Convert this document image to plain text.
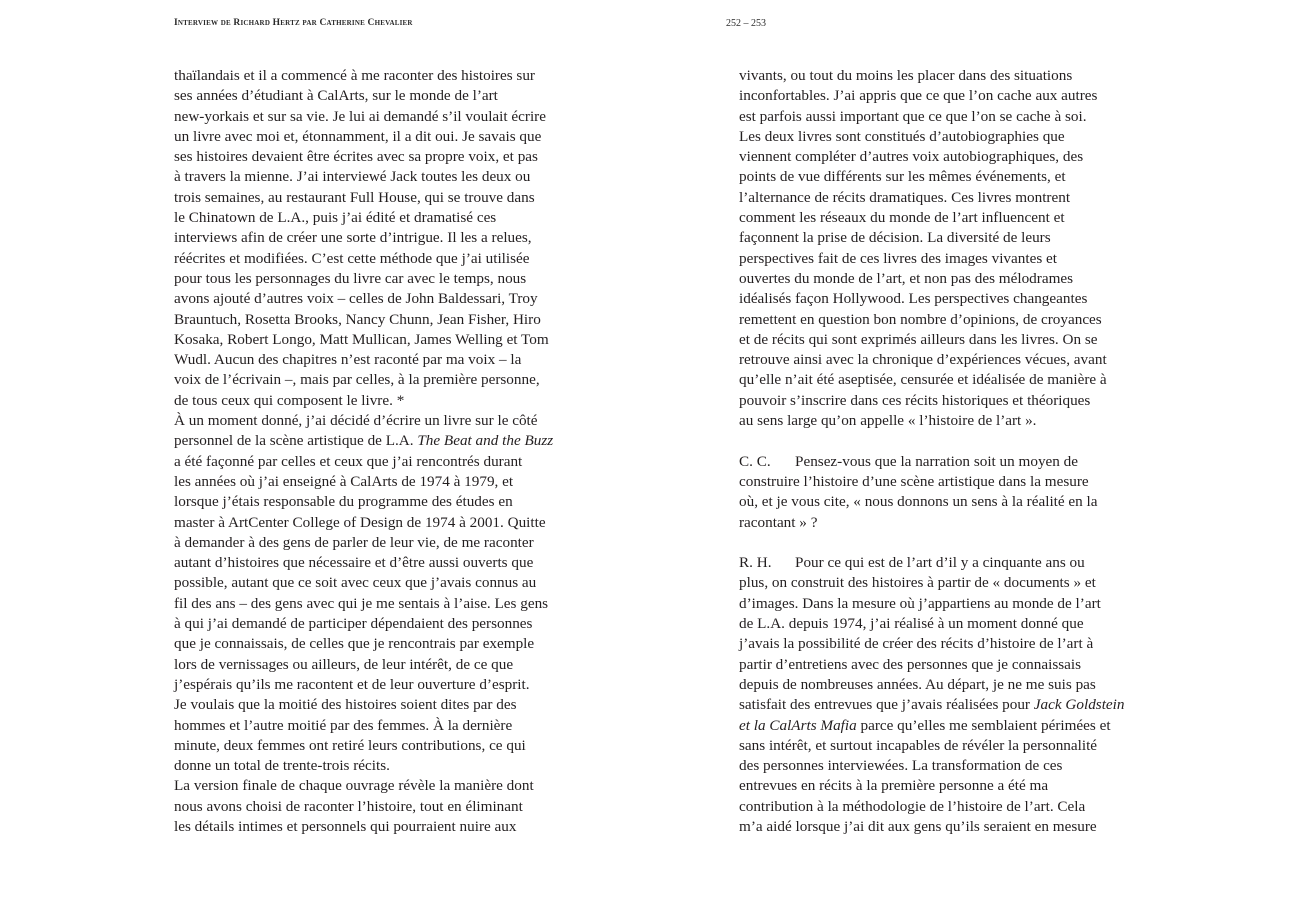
Interview de Richard Hertz par Catherine Chevalier	252 – 253
thaïlandais et il a commencé à me raconter des histoires sur
ses années d’étudiant à CalArts, sur le monde de l’art
new-yorkais et sur sa vie. Je lui ai demandé s’il voulait écrire
un livre avec moi et, étonnamment, il a dit oui. Je savais que
ses histoires devaient être écrites avec sa propre voix, et pas
à travers la mienne. J’ai interviewé Jack toutes les deux ou
trois semaines, au restaurant Full House, qui se trouve dans
le Chinatown de L.A., puis j’ai édité et dramatisé ces
interviews afin de créer une sorte d’intrigue. Il les a relues,
réécrites et modifiées. C’est cette méthode que j’ai utilisée
pour tous les personnages du livre car avec le temps, nous
avons ajouté d’autres voix – celles de John Baldessari, Troy
Brauntuch, Rosetta Brooks, Nancy Chunn, Jean Fisher, Hiro
Kosaka, Robert Longo, Matt Mullican, James Welling et Tom
Wudl. Aucun des chapitres n’est raconté par ma voix – la
voix de l’écrivain –, mais par celles, à la première personne,
de tous ceux qui composent le livre. *
À un moment donné, j’ai décidé d’écrire un livre sur le côté
personnel de la scène artistique de L.A. The Beat and the Buzz
a été façonné par celles et ceux que j’ai rencontrés durant
les années où j’ai enseigné à CalArts de 1974 à 1979, et
lorsque j’étais responsable du programme des études en
master à ArtCenter College of Design de 1974 à 2001. Quitte
à demander à des gens de parler de leur vie, de me raconter
autant d’histoires que nécessaire et d’être aussi ouverts que
possible, autant que ce soit avec ceux que j’avais connus au
fil des ans – des gens avec qui je me sentais à l’aise. Les gens
à qui j’ai demandé de participer dépendaient des personnes
que je connaissais, de celles que je rencontrais par exemple
lors de vernissages ou ailleurs, de leur intérêt, de ce que
j’espérais qu’ils me racontent et de leur ouverture d’esprit.
Je voulais que la moitié des histoires soient dites par des
hommes et l’autre moitié par des femmes. À la dernière
minute, deux femmes ont retiré leurs contributions, ce qui
donne un total de trente-trois récits.
La version finale de chaque ouvrage révèle la manière dont
nous avons choisi de raconter l’histoire, tout en éliminant
les détails intimes et personnels qui pourraient nuire aux
vivants, ou tout du moins les placer dans des situations
inconfortables. J’ai appris que ce que l’on cache aux autres
est parfois aussi important que ce que l’on se cache à soi.
Les deux livres sont constitués d’autobiographies que
viennent compléter d’autres voix autobiographiques, des
points de vue différents sur les mêmes événements, et
l’alternance de récits dramatiques. Ces livres montrent
comment les réseaux du monde de l’art influencent et
façonnent la prise de décision. La diversité de leurs
perspectives fait de ces livres des images vivantes et
ouvertes du monde de l’art, et non pas des mélodrames
idéalisés façon Hollywood. Les perspectives changeantes
remettent en question bon nombre d’opinions, de croyances
et de récits qui sont exprimés ailleurs dans les livres. On se
retrouve ainsi avec la chronique d’expériences vécues, avant
qu’elle n’ait été aseptisée, censurée et idéalisée de manière à
pouvoir s’inscrire dans ces récits historiques et théoriques
au sens large qu’on appelle « l’histoire de l’art ».
C. C. Pensez-vous que la narration soit un moyen de
construire l’histoire d’une scène artistique dans la mesure
où, et je vous cite, « nous donnons un sens à la réalité en la
racontant » ?
R. H. Pour ce qui est de l’art d’il y a cinquante ans ou
plus, on construit des histoires à partir de « documents » et
d’images. Dans la mesure où j’appartiens au monde de l’art
de L.A. depuis 1974, j’ai réalisé à un moment donné que
j’avais la possibilité de créer des récits d’histoire de l’art à
partir d’entretiens avec des personnes que je connaissais
depuis de nombreuses années. Au départ, je ne me suis pas
satisfait des entrevues que j’avais réalisées pour Jack Goldstein
et la CalArts Mafia parce qu’elles me semblaient périmées et
sans intérêt, et surtout incapables de révéler la personnalité
des personnes interviewées. La transformation de ces
entrevues en récits à la première personne a été ma
contribution à la méthodologie de l’histoire de l’art. Cela
m’a aidé lorsque j’ai dit aux gens qu’ils seraient en mesure
